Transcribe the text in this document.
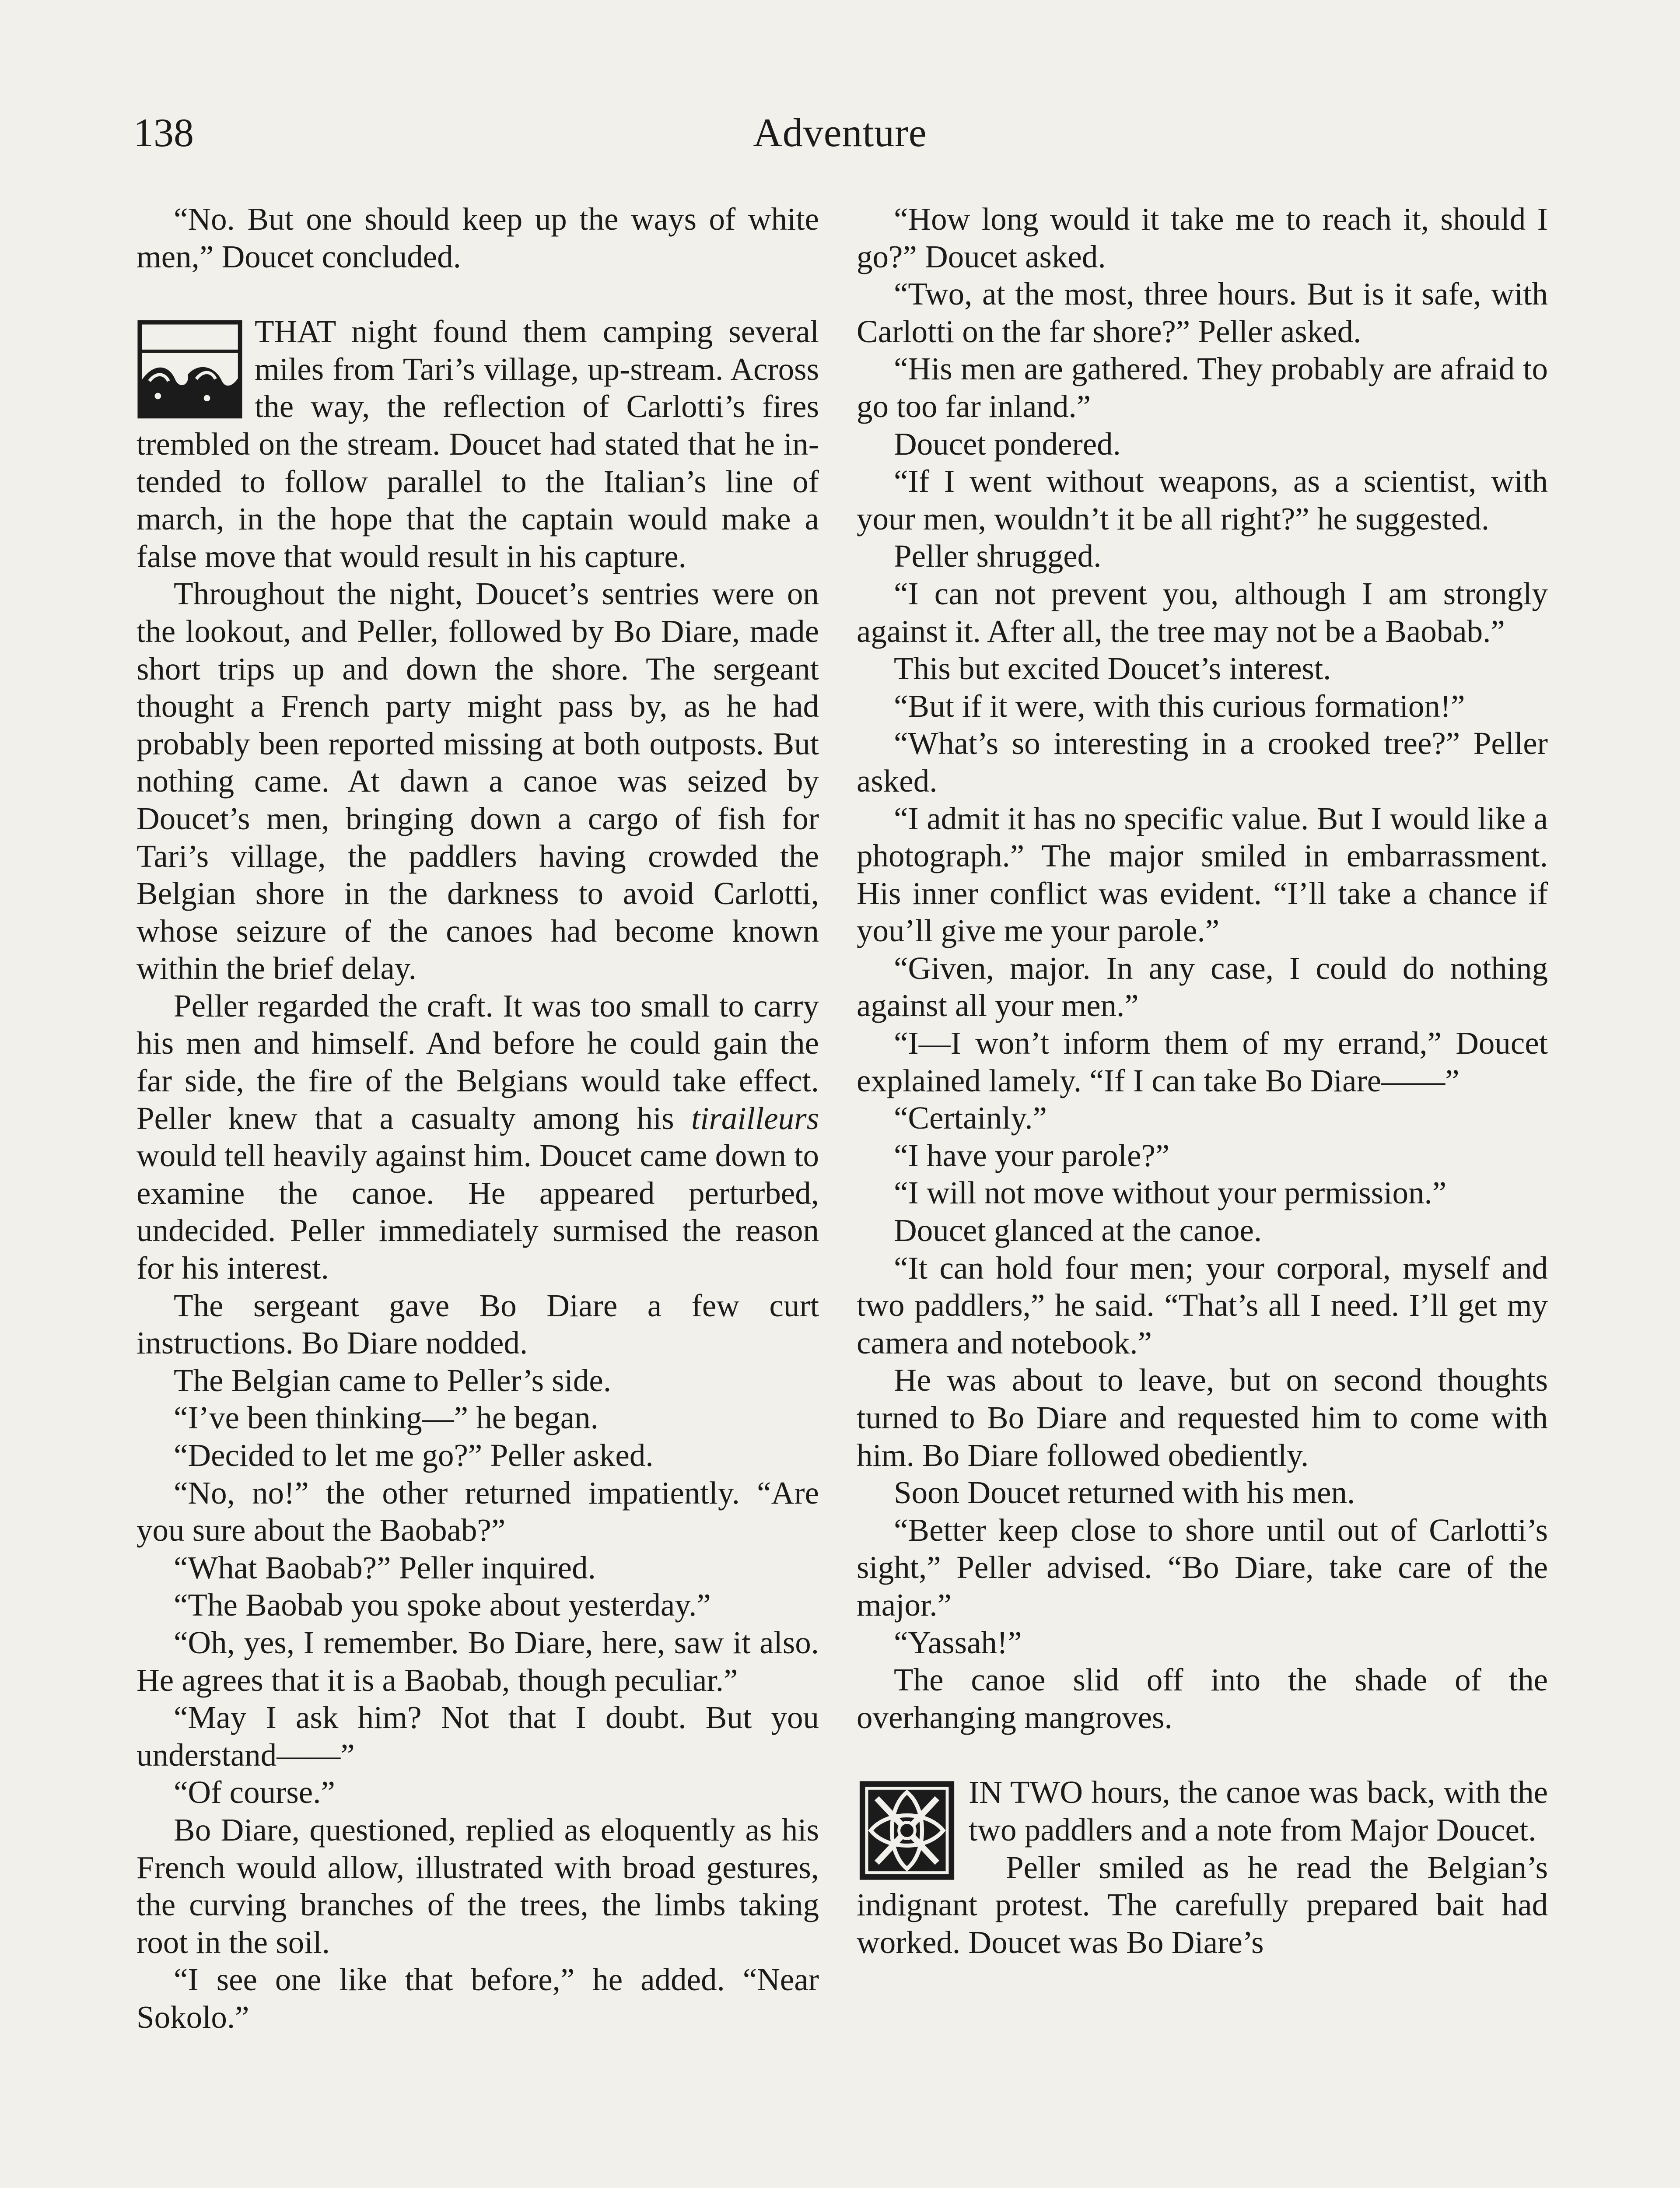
138	Adventure

“No. But one should keep up the ways of white men,” Doucet concluded.

THAT night found them camping several miles from Tari’s village, up-stream. Across the way, the reflection of Carlotti’s fires trembled on the stream. Doucet had stated that he intended to follow parallel to the Italian’s line of march, in the hope that the captain would make a false move that would result in his capture.

Throughout the night, Doucet’s sentries were on the lookout, and Peller, followed by Bo Diare, made short trips up and down the shore. The sergeant thought a French party might pass by, as he had probably been reported missing at both outposts. But nothing came. At dawn a canoe was seized by Doucet’s men, bringing down a cargo of fish for Tari’s village, the paddlers having crowded the Belgian shore in the darkness to avoid Carlotti, whose seizure of the canoes had become known within the brief delay.

Peller regarded the craft. It was too small to carry his men and himself. And before he could gain the far side, the fire of the Belgians would take effect. Peller knew that a casualty among his tirailleurs would tell heavily against him. Doucet came down to examine the canoe. He appeared perturbed, undecided. Peller immediately surmised the reason for his interest.

The sergeant gave Bo Diare a few curt instructions. Bo Diare nodded.

The Belgian came to Peller’s side.

“I’ve been thinking—” he began.

“Decided to let me go?” Peller asked.

“No, no!” the other returned impatiently. “Are you sure about the Baobab?”

“What Baobab?” Peller inquired.

“The Baobab you spoke about yesterday.”

“Oh, yes, I remember. Bo Diare, here, saw it also. He agrees that it is a Baobab, though peculiar.”

“May I ask him? Not that I doubt. But you understand——”

“Of course.”

Bo Diare, questioned, replied as eloquently as his French would allow, illustrated with broad gestures, the curving branches of the trees, the limbs taking root in the soil.

“I see one like that before,” he added. “Near Sokolo.”

“How long would it take me to reach it, should I go?” Doucet asked.

“Two, at the most, three hours. But is it safe, with Carlotti on the far shore?” Peller asked.

“His men are gathered. They probably are afraid to go too far inland.”

Doucet pondered.

“If I went without weapons, as a scientist, with your men, wouldn’t it be all right?” he suggested.

Peller shrugged.

“I can not prevent you, although I am strongly against it. After all, the tree may not be a Baobab.”

This but excited Doucet’s interest.

“But if it were, with this curious formation!”

“What’s so interesting in a crooked tree?” Peller asked.

“I admit it has no specific value. But I would like a photograph.” The major smiled in embarrassment. His inner conflict was evident. “I’ll take a chance if you’ll give me your parole.”

“Given, major. In any case, I could do nothing against all your men.”

“I—I won’t inform them of my errand,” Doucet explained lamely. “If I can take Bo Diare——”

“Certainly.”

“I have your parole?”

“I will not move without your permission.”

Doucet glanced at the canoe.

“It can hold four men; your corporal, myself and two paddlers,” he said. “That’s all I need. I’ll get my camera and notebook.”

He was about to leave, but on second thoughts turned to Bo Diare and requested him to come with him. Bo Diare followed obediently.

Soon Doucet returned with his men.

“Better keep close to shore until out of Carlotti’s sight,” Peller advised. “Bo Diare, take care of the major.”

“Yassah!”

The canoe slid off into the shade of the overhanging mangroves.

IN TWO hours, the canoe was back, with the two paddlers and a note from Major Doucet.

Peller smiled as he read the Belgian’s indignant protest. The carefully prepared bait had worked. Doucet was Bo Diare’s
